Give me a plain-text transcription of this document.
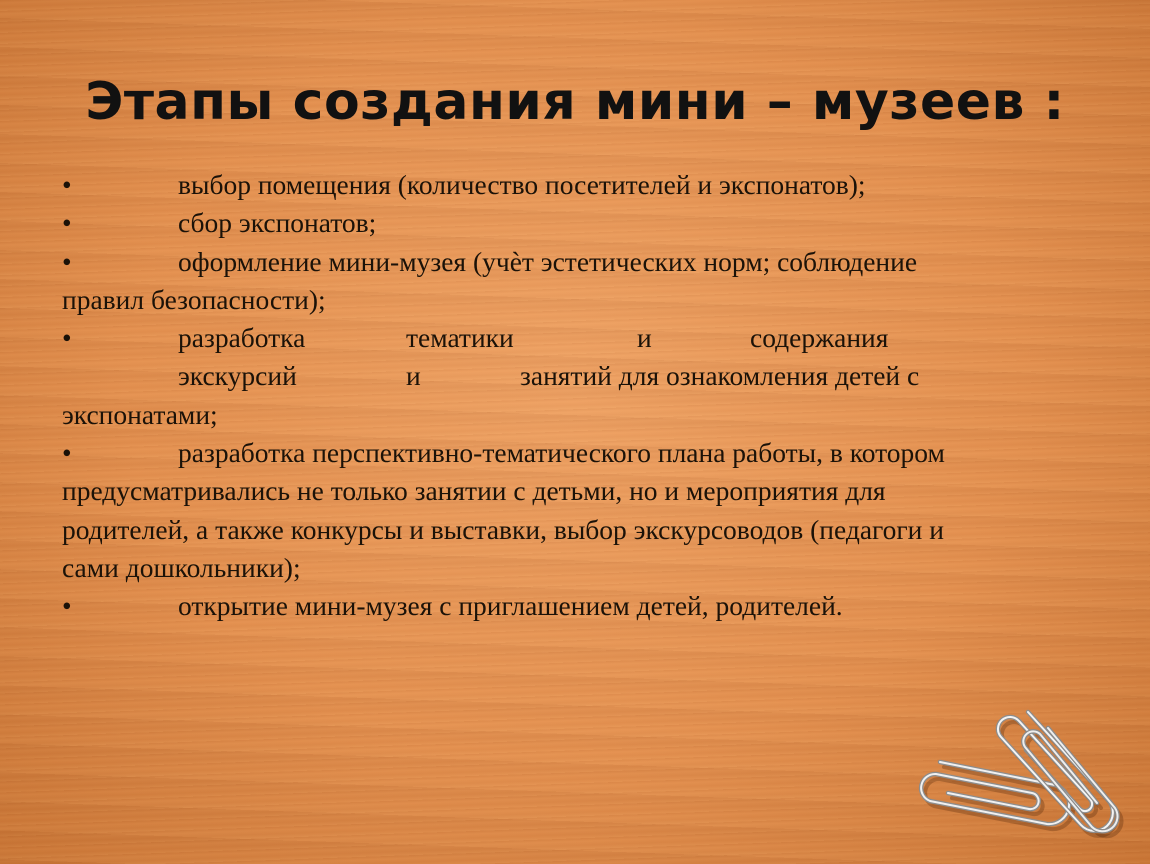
Этапы создания мини – музеев :
•	выбор помещения (количество посетителей и экспонатов);
•	сбор экспонатов;
•	оформление мини-музея (учѐт эстетических норм; соблюдение
правил безопасности);
•	разработка	тематики	и	содержания
экскурсий	и	занятий для ознакомления детей с
экспонатами;
•	разработка перспективно-тематического плана работы, в котором
предусматривались не только занятии с детьми, но и мероприятия для
родителей, а также конкурсы и выставки, выбор экскурсоводов (педагоги и
сами дошкольники);
•	открытие мини-музея с приглашением детей, родителей.
